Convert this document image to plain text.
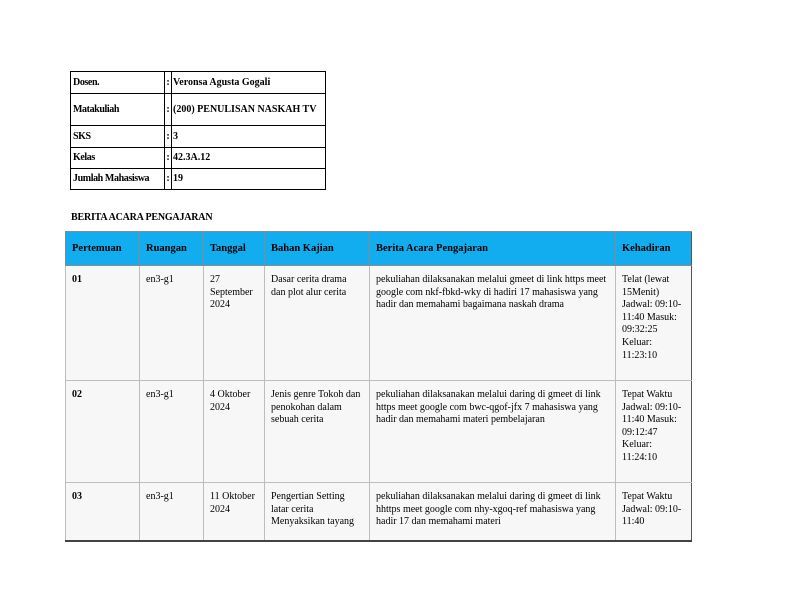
Dosen.	:	Veronsa Agusta Gogali
Matakuliah	:	(200) PENULISAN NASKAH TV
SKS	:	3
Kelas	:	42.3A.12
Jumlah Mahasiswa	:	19
BERITA ACARA PENGAJARAN
Pertemuan	Ruangan	Tanggal	Bahan Kajian	Berita Acara Pengajaran	Kehadiran
01	en3-g1	27 September 2024	Dasar cerita drama dan plot alur cerita	pekuliahan dilaksanakan melalui gmeet di link https meet google com nkf-fbkd-wky di hadiri 17 mahasiswa yang hadir dan memahami bagaimana naskah drama	Telat (lewat 15Menit) Jadwal: 09:10-11:40 Masuk: 09:32:25 Keluar: 11:23:10
02	en3-g1	4 Oktober 2024	Jenis genre Tokoh dan penokohan dalam sebuah cerita	pekuliahan dilaksanakan melalui daring di gmeet di link https meet google com bwc-qgof-jfx 7 mahasiswa yang hadir dan memahami materi pembelajaran	Tepat Waktu Jadwal: 09:10-11:40 Masuk: 09:12:47 Keluar: 11:24:10
03	en3-g1	11 Oktober 2024	Pengertian Setting latar cerita Menyaksikan tayang	pekuliahan dilaksanakan melalui daring di gmeet di link hhttps meet google com nhy-xgoq-ref mahasiswa yang hadir 17 dan memahami materi	Tepat Waktu Jadwal: 09:10-11:40
